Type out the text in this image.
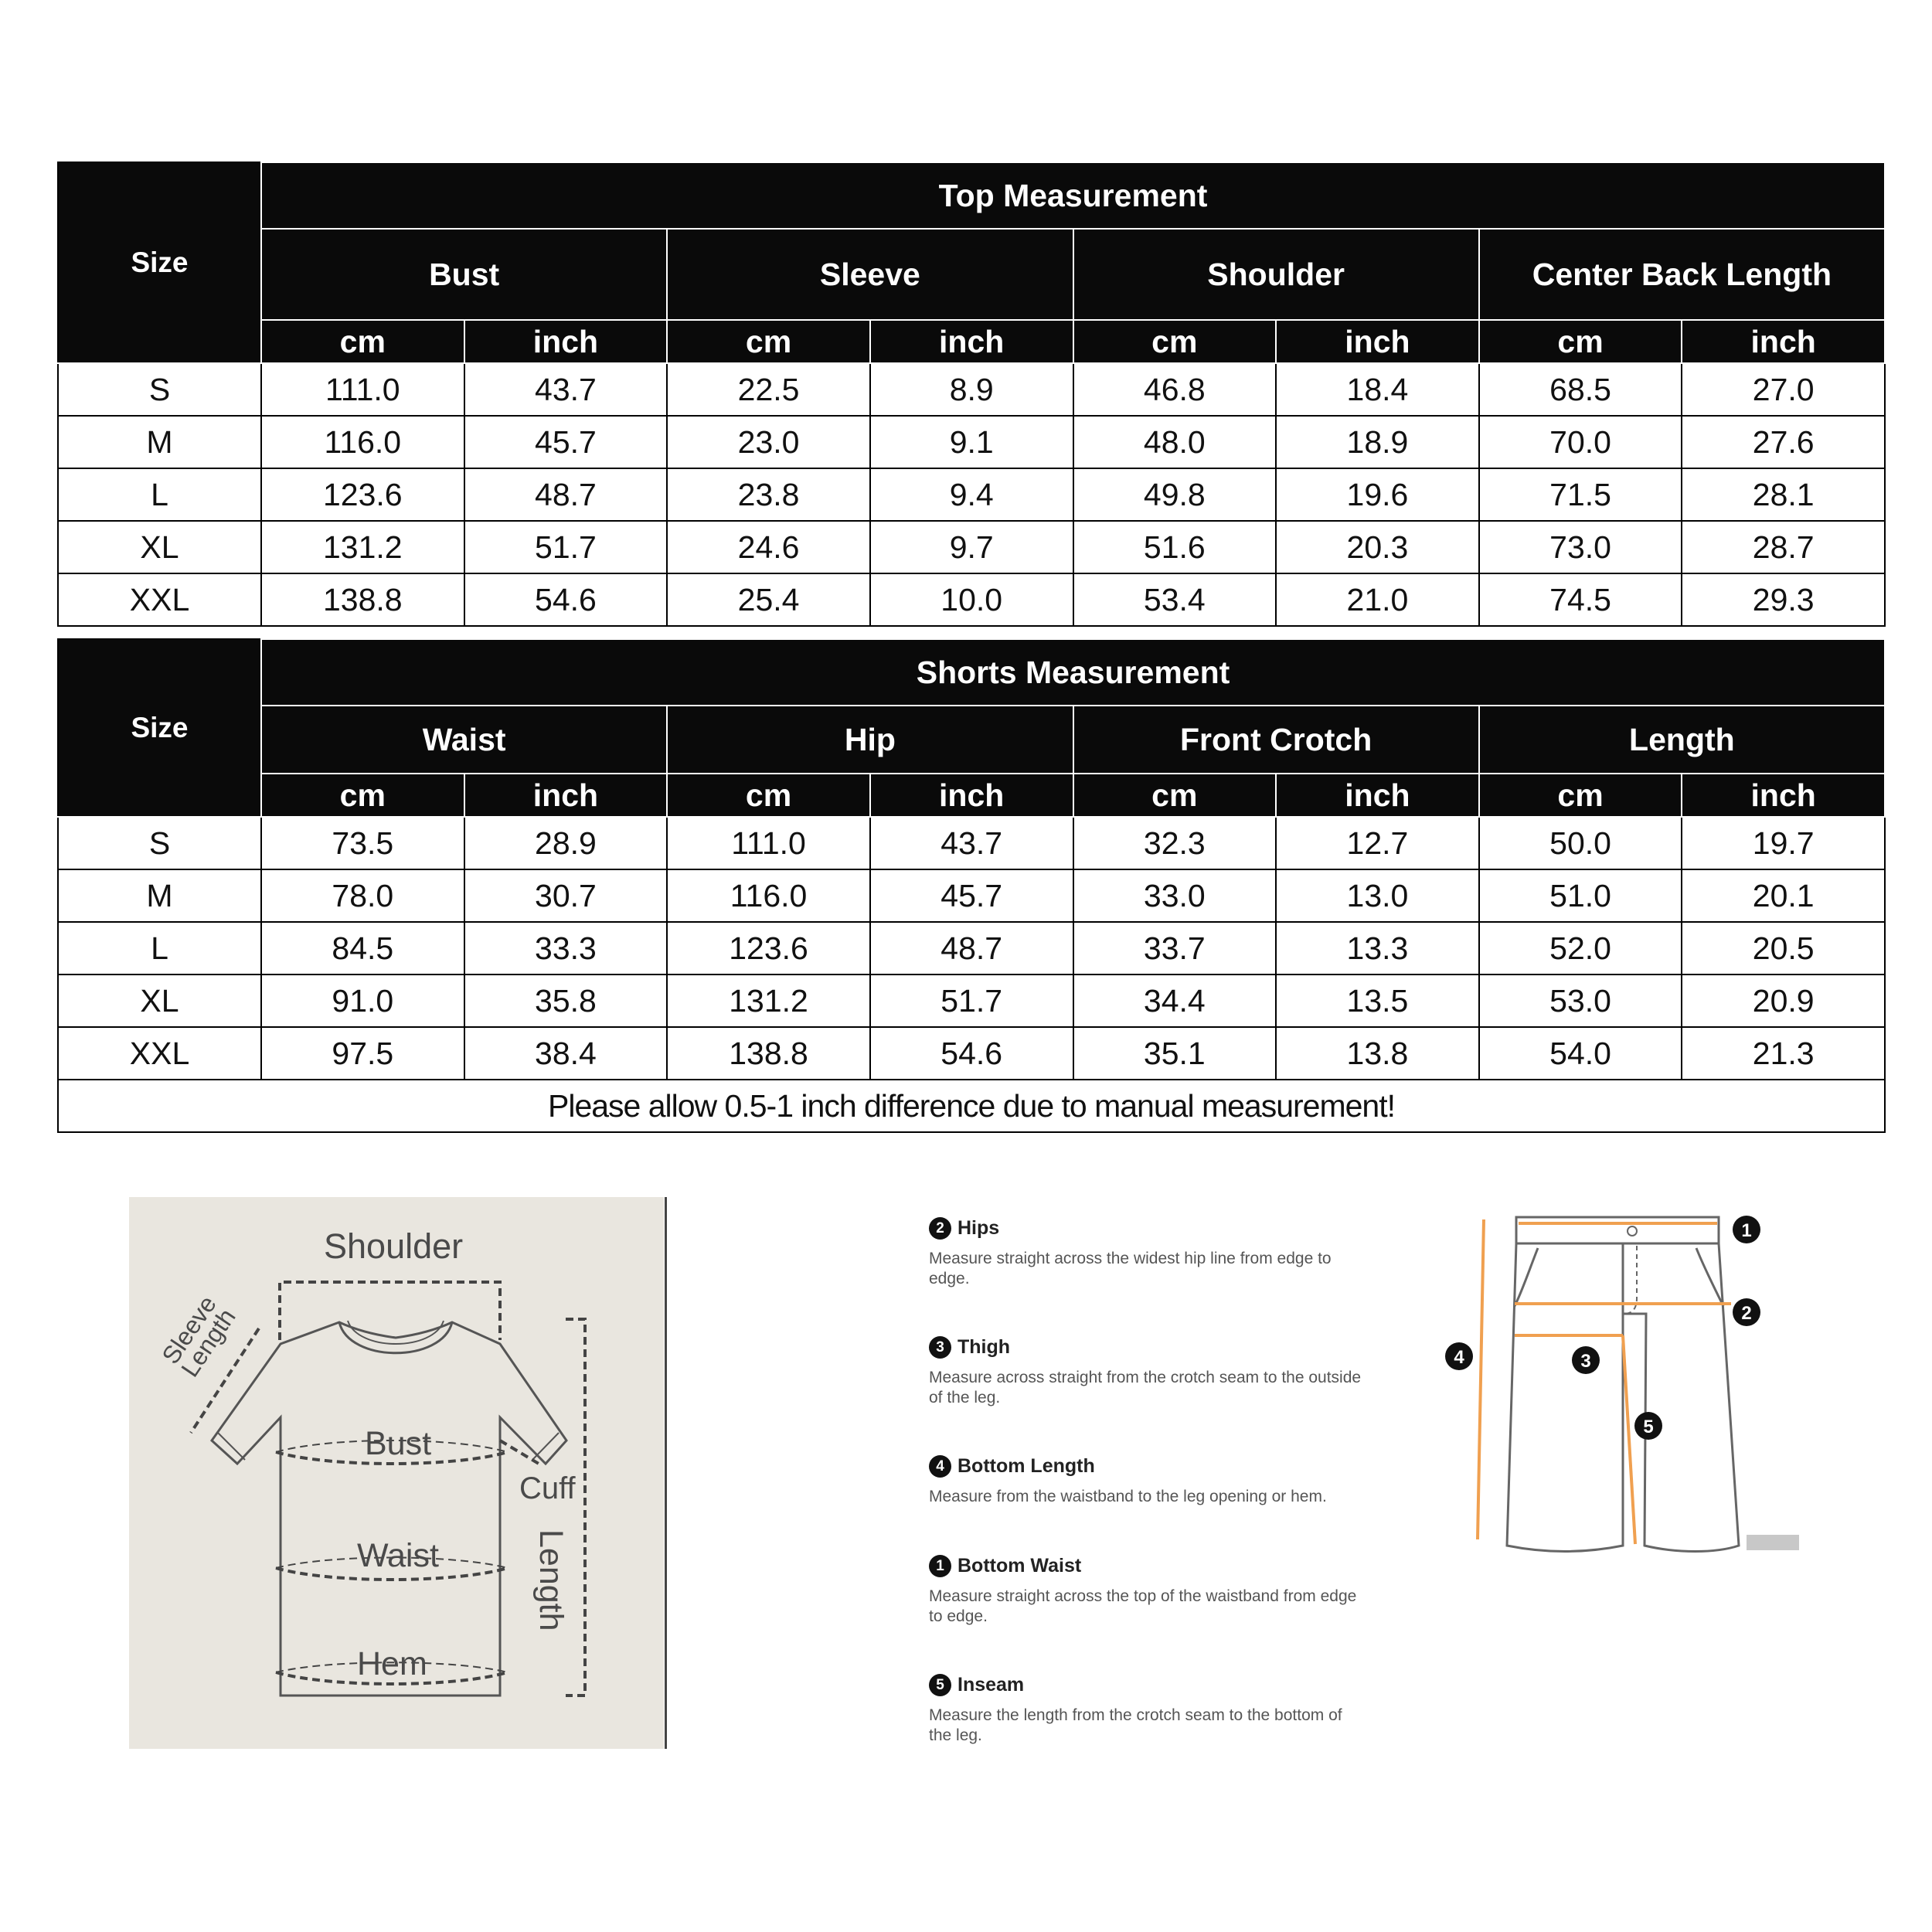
Size	Top Measurement							
	Bust		Sleeve		Shoulder		Center Back Length	
	cm	inch	cm	inch	cm	inch	cm	inch
S	111.0	43.7	22.5	8.9	46.8	18.4	68.5	27.0
M	116.0	45.7	23.0	9.1	48.0	18.9	70.0	27.6
L	123.6	48.7	23.8	9.4	49.8	19.6	71.5	28.1
XL	131.2	51.7	24.6	9.7	51.6	20.3	73.0	28.7
XXL	138.8	54.6	25.4	10.0	53.4	21.0	74.5	29.3
Size	Shorts Measurement							
	Waist		Hip		Front Crotch		Length	
	cm	inch	cm	inch	cm	inch	cm	inch
S	73.5	28.9	111.0	43.7	32.3	12.7	50.0	19.7
M	78.0	30.7	116.0	45.7	33.0	13.0	51.0	20.1
L	84.5	33.3	123.6	48.7	33.7	13.3	52.0	20.5
XL	91.0	35.8	131.2	51.7	34.4	13.5	53.0	20.9
XXL	97.5	38.4	138.8	54.6	35.1	13.8	54.0	21.3
Please allow 0.5-1 inch difference due to manual measurement!								
Shoulder
Sleeve Length
Bust
Cuff
Waist
Hem
Length
2 Hips
Measure straight across the widest hip line from edge to edge.
3 Thigh
Measure across straight from the crotch seam to the outside of the leg.
4 Bottom Length
Measure from the waistband to the leg opening or hem.
1 Bottom Waist
Measure straight across the top of the waistband from edge to edge.
5 Inseam
Measure the length from the crotch seam to the bottom of the leg.
1
2
3
4
5
